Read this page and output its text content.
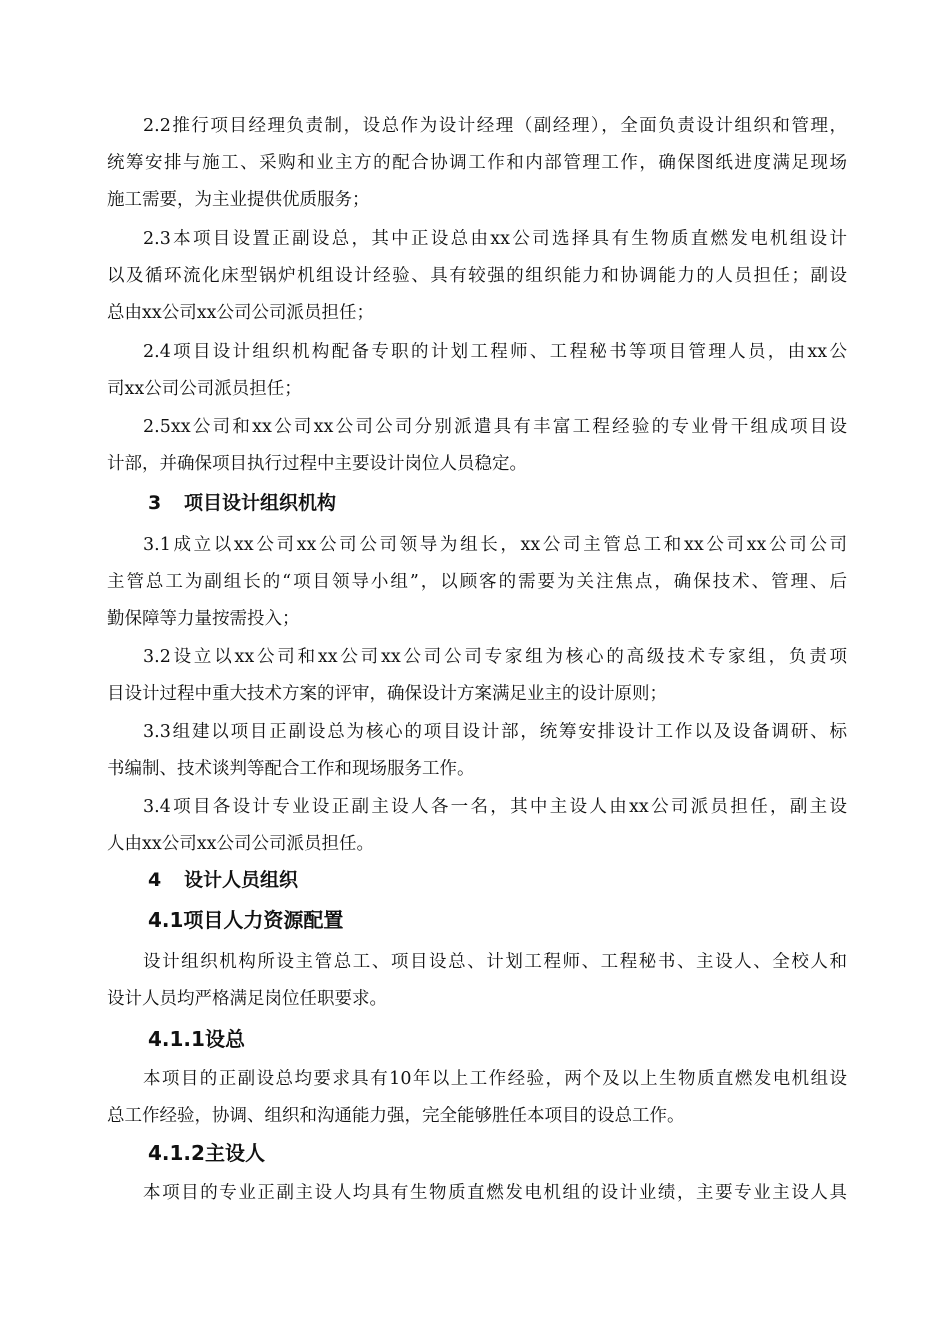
2.2推行项目经理负责制，设总作为设计经理（副经理），全面负责设计组织和管理，
统筹安排与施工、采购和业主方的配合协调工作和内部管理工作，确保图纸进度满足现场
施工需要，为主业提供优质服务；
2.3本项目设置正副设总，其中正设总由xx公司选择具有生物质直燃发电机组设计
以及循环流化床型锅炉机组设计经验、具有较强的组织能力和协调能力的人员担任；副设
总由xx公司xx公司公司派员担任；
2.4项目设计组织机构配备专职的计划工程师、工程秘书等项目管理人员，由xx公
司xx公司公司派员担任；
2.5xx公司和xx公司xx公司公司分别派遣具有丰富工程经验的专业骨干组成项目设
计部，并确保项目执行过程中主要设计岗位人员稳定。
3 项目设计组织机构
3.1成立以xx公司xx公司公司领导为组长，xx公司主管总工和xx公司xx公司公司
主管总工为副组长的“项目领导小组”，以顾客的需要为关注焦点，确保技术、管理、后
勤保障等力量按需投入；
3.2设立以xx公司和xx公司xx公司公司专家组为核心的高级技术专家组，负责项
目设计过程中重大技术方案的评审，确保设计方案满足业主的设计原则；
3.3组建以项目正副设总为核心的项目设计部，统筹安排设计工作以及设备调研、标
书编制、技术谈判等配合工作和现场服务工作。
3.4项目各设计专业设正副主设人各一名，其中主设人由xx公司派员担任，副主设
人由xx公司xx公司公司派员担任。
4 设计人员组织
4.1项目人力资源配置
设计组织机构所设主管总工、项目设总、计划工程师、工程秘书、主设人、全校人和
设计人员均严格满足岗位任职要求。
4.1.1设总
本项目的正副设总均要求具有10年以上工作经验，两个及以上生物质直燃发电机组设
总工作经验，协调、组织和沟通能力强，完全能够胜任本项目的设总工作。
4.1.2主设人
本项目的专业正副主设人均具有生物质直燃发电机组的设计业绩，主要专业主设人具
